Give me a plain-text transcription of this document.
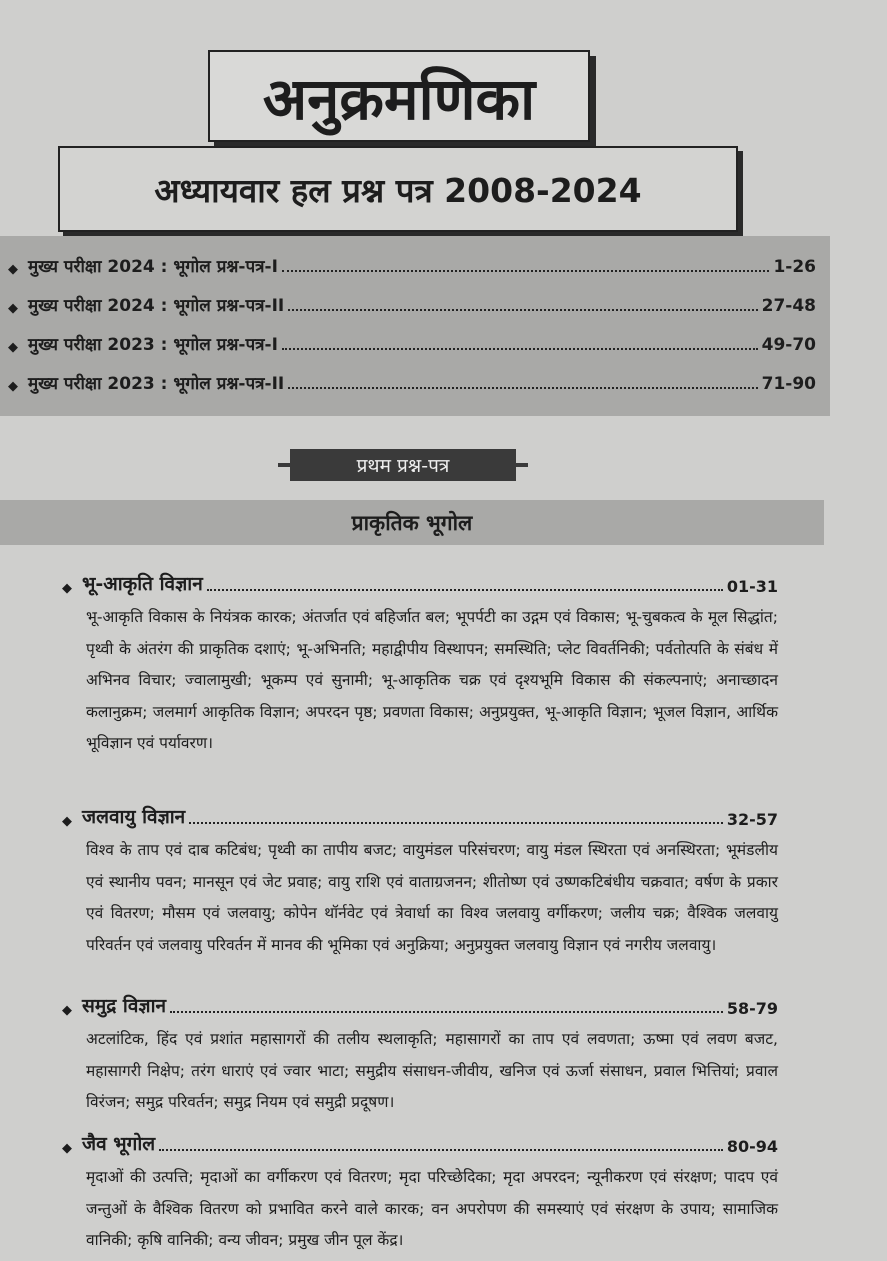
अनुक्रमणिका
अध्यायवार हल प्रश्न पत्र 2008-2024
◆ मुख्य परीक्षा 2024 : भूगोल प्रश्न-पत्र-I	1-26
◆ मुख्य परीक्षा 2024 : भूगोल प्रश्न-पत्र-II	27-48
◆ मुख्य परीक्षा 2023 : भूगोल प्रश्न-पत्र-I	49-70
◆ मुख्य परीक्षा 2023 : भूगोल प्रश्न-पत्र-II	71-90
प्रथम प्रश्न-पत्र
प्राकृतिक भूगोल
◆ भू-आकृति विज्ञान	01-31
भू-आकृति विकास के नियंत्रक कारक; अंतर्जात एवं बहिर्जात बल; भूपर्पटी का उद्गम एवं विकास; भू-चुबकत्व के मूल सिद्धांत; पृथ्वी के अंतरंग की प्राकृतिक दशाएं; भू-अभिनति; महाद्वीपीय विस्थापन; समस्थिति; प्लेट विवर्तनिकी; पर्वतोत्पति के संबंध में अभिनव विचार; ज्वालामुखी; भूकम्प एवं सुनामी; भू-आकृतिक चक्र एवं दृश्यभूमि विकास की संकल्पनाएं; अनाच्छादन कलानुक्रम; जलमार्ग आकृतिक विज्ञान; अपरदन पृष्ठ; प्रवणता विकास; अनुप्रयुक्त, भू-आकृति विज्ञान; भूजल विज्ञान, आर्थिक भूविज्ञान एवं पर्यावरण।
◆ जलवायु विज्ञान	32-57
विश्व के ताप एवं दाब कटिबंध; पृथ्वी का तापीय बजट; वायुमंडल परिसंचरण; वायु मंडल स्थिरता एवं अनस्थिरता; भूमंडलीय एवं स्थानीय पवन; मानसून एवं जेट प्रवाह; वायु राशि एवं वाताग्रजनन; शीतोष्ण एवं उष्णकटिबंधीय चक्रवात; वर्षण के प्रकार एवं वितरण; मौसम एवं जलवायु; कोपेन थॉर्नवेट एवं त्रेवार्धा का विश्व जलवायु वर्गीकरण; जलीय चक्र; वैश्विक जलवायु परिवर्तन एवं जलवायु परिवर्तन में मानव की भूमिका एवं अनुक्रिया; अनुप्रयुक्त जलवायु विज्ञान एवं नगरीय जलवायु।
◆ समुद्र विज्ञान	58-79
अटलांटिक, हिंद एवं प्रशांत महासागरों की तलीय स्थलाकृति; महासागरों का ताप एवं लवणता; ऊष्मा एवं लवण बजट, महासागरी निक्षेप; तरंग धाराएं एवं ज्वार भाटा; समुद्रीय संसाधन-जीवीय, खनिज एवं ऊर्जा संसाधन, प्रवाल भित्तियां; प्रवाल विरंजन; समुद्र परिवर्तन; समुद्र नियम एवं समुद्री प्रदूषण।
◆ जैव भूगोल	80-94
मृदाओं की उत्पत्ति; मृदाओं का वर्गीकरण एवं वितरण; मृदा परिच्छेदिका; मृदा अपरदन; न्यूनीकरण एवं संरक्षण; पादप एवं जन्तुओं के वैश्विक वितरण को प्रभावित करने वाले कारक; वन अपरोपण की समस्याएं एवं संरक्षण के उपाय; सामाजिक वानिकी; कृषि वानिकी; वन्य जीवन; प्रमुख जीन पूल केंद्र।
